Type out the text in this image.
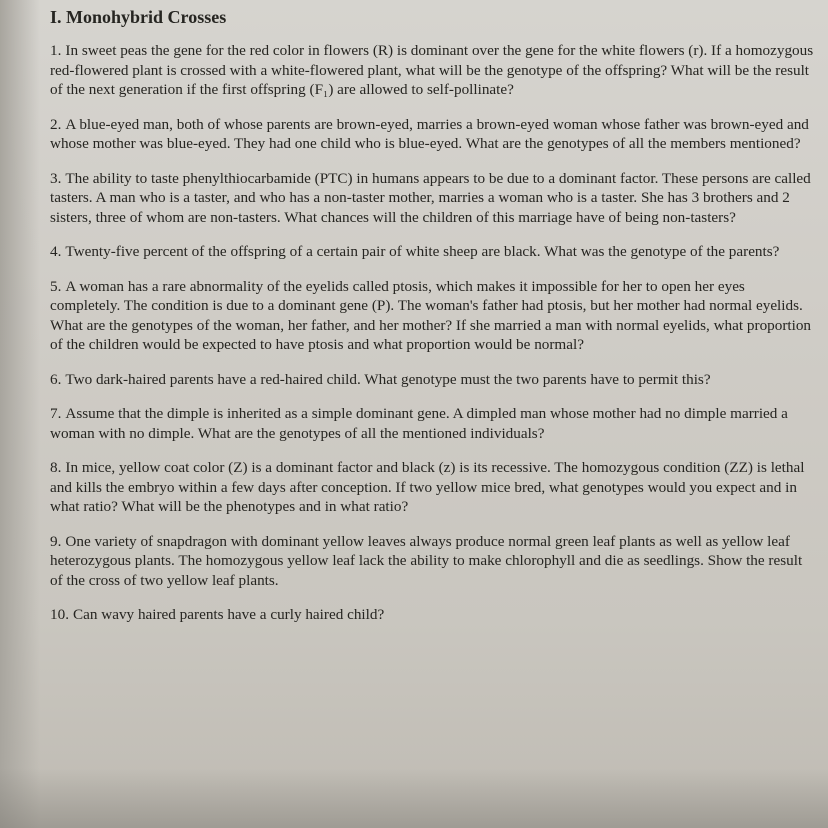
I. Monohybrid Crosses
1. In sweet peas the gene for the red color in flowers (R) is dominant over the gene for the white flowers (r). If a homozygous red-flowered plant is crossed with a white-flowered plant, what will be the genotype of the offspring? What will be the result of the next generation if the first offspring (F₁) are allowed to self-pollinate?
2. A blue-eyed man, both of whose parents are brown-eyed, marries a brown-eyed woman whose father was brown-eyed and whose mother was blue-eyed. They had one child who is blue-eyed. What are the genotypes of all the members mentioned?
3. The ability to taste phenylthiocarbamide (PTC) in humans appears to be due to a dominant factor. These persons are called tasters. A man who is a taster, and who has a non-taster mother, marries a woman who is a taster. She has 3 brothers and 2 sisters, three of whom are non-tasters. What chances will the children of this marriage have of being non-tasters?
4. Twenty-five percent of the offspring of a certain pair of white sheep are black. What was the genotype of the parents?
5. A woman has a rare abnormality of the eyelids called ptosis, which makes it impossible for her to open her eyes completely. The condition is due to a dominant gene (P). The woman's father had ptosis, but her mother had normal eyelids. What are the genotypes of the woman, her father, and her mother? If she married a man with normal eyelids, what proportion of the children would be expected to have ptosis and what proportion would be normal?
6. Two dark-haired parents have a red-haired child. What genotype must the two parents have to permit this?
7. Assume that the dimple is inherited as a simple dominant gene. A dimpled man whose mother had no dimple married a woman with no dimple. What are the genotypes of all the mentioned individuals?
8. In mice, yellow coat color (Z) is a dominant factor and black (z) is its recessive. The homozygous condition (ZZ) is lethal and kills the embryo within a few days after conception. If two yellow mice bred, what genotypes would you expect and in what ratio? What will be the phenotypes and in what ratio?
9. One variety of snapdragon with dominant yellow leaves always produce normal green leaf plants as well as yellow leaf heterozygous plants. The homozygous yellow leaf lack the ability to make chlorophyll and die as seedlings. Show the result of the cross of two yellow leaf plants.
10. Can wavy haired parents have a curly haired child?
